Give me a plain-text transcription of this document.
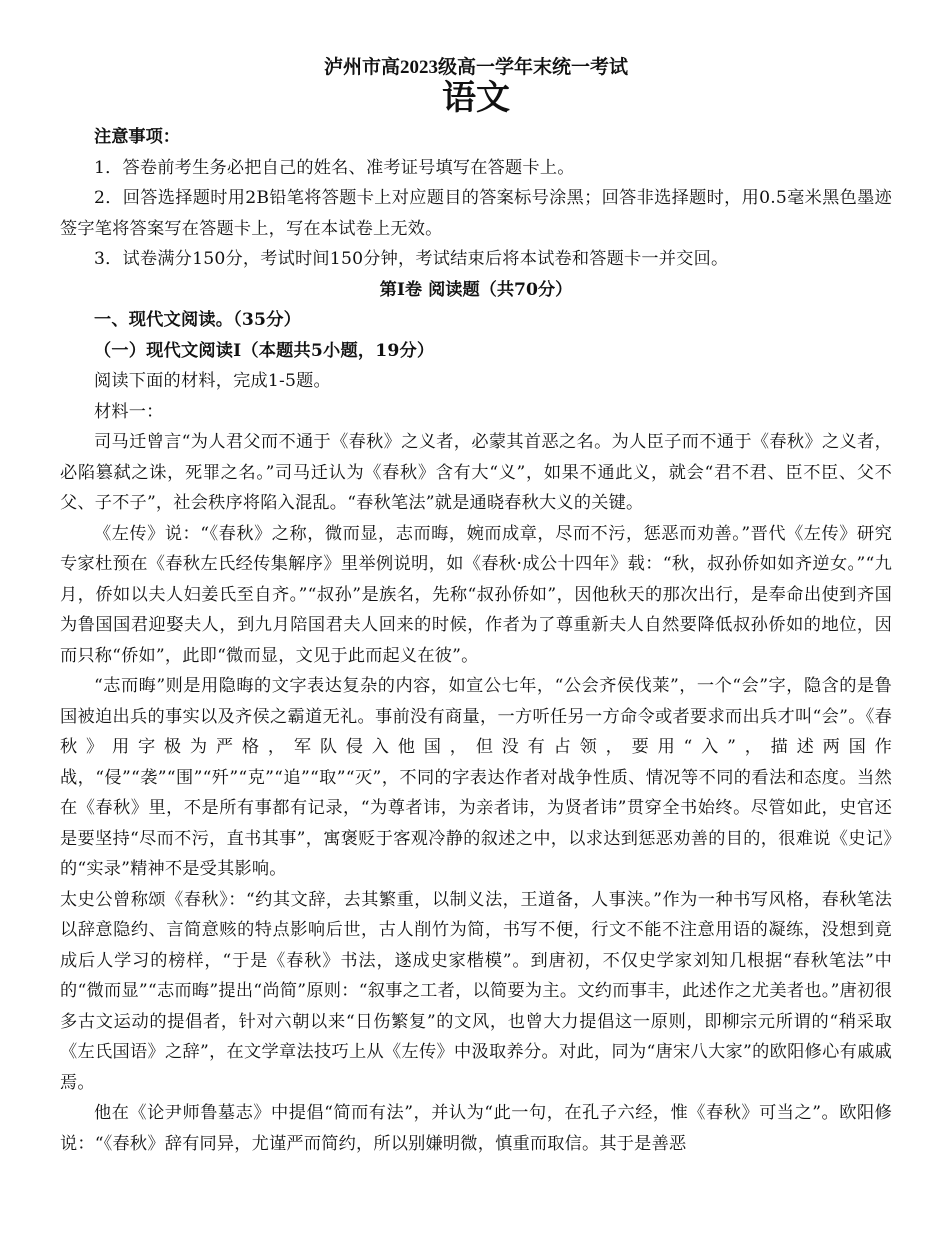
泸州市高2023级高一学年末统一考试
语文

注意事项：

1．答卷前考生务必把自己的姓名、准考证号填写在答题卡上。

2．回答选择题时用2B铅笔将答题卡上对应题目的答案标号涂黑；回答非选择题时，用0.5毫米黑色墨迹签字笔将答案写在答题卡上，写在本试卷上无效。

3．试卷满分150分，考试时间150分钟，考试结束后将本试卷和答题卡一并交回。

第Ⅰ卷 阅读题（共70分）

一、现代文阅读。（35分）

（一）现代文阅读Ⅰ（本题共5小题，19分）

阅读下面的材料，完成1-5题。

材料一：

司马迁曾言“为人君父而不通于《春秋》之义者，必蒙其首恶之名。为人臣子而不通于《春秋》之义者，必陷篡弑之诛，死罪之名。”司马迁认为《春秋》含有大“义”，如果不通此义，就会“君不君、臣不臣、父不父、子不子”，社会秩序将陷入混乱。“春秋笔法”就是通晓春秋大义的关键。

《左传》说：“《春秋》之称，微而显，志而晦，婉而成章，尽而不污，惩恶而劝善。”晋代《左传》研究专家杜预在《春秋左氏经传集解序》里举例说明，如《春秋·成公十四年》载：“秋，叔孙侨如如齐逆女。”“九月，侨如以夫人妇姜氏至自齐。”“叔孙”是族名，先称“叔孙侨如”，因他秋天的那次出行，是奉命出使到齐国为鲁国国君迎娶夫人，到九月陪国君夫人回来的时候，作者为了尊重新夫人自然要降低叔孙侨如的地位，因而只称“侨如”，此即“微而显，文见于此而起义在彼”。

“志而晦”则是用隐晦的文字表达复杂的内容，如宣公七年，“公会齐侯伐莱”，一个“会”字，隐含的是鲁国被迫出兵的事实以及齐侯之霸道无礼。事前没有商量，一方听任另一方命令或者要求而出兵才叫“会”。《春秋》用字极为严格，军队侵入他国，但没有占领，要用“入”，描述两国作战，“侵”“袭”“围”“歼”“克”“追”“取”“灭”，不同的字表达作者对战争性质、情况等不同的看法和态度。当然在《春秋》里，不是所有事都有记录，“为尊者讳，为亲者讳，为贤者讳”贯穿全书始终。尽管如此，史官还是要坚持“尽而不污，直书其事”，寓褒贬于客观冷静的叙述之中，以求达到惩恶劝善的目的，很难说《史记》的“实录”精神不是受其影响。

太史公曾称颂《春秋》：“约其文辞，去其繁重，以制义法，王道备，人事浃。”作为一种书写风格，春秋笔法以辞意隐约、言简意赅的特点影响后世，古人削竹为简，书写不便，行文不能不注意用语的凝练，没想到竟成后人学习的榜样，“于是《春秋》书法，遂成史家楷模”。到唐初，不仅史学家刘知几根据“春秋笔法”中的“微而显”“志而晦”提出“尚简”原则：“叙事之工者，以简要为主。文约而事丰，此述作之尤美者也。”唐初很多古文运动的提倡者，针对六朝以来“日伤繁复”的文风，也曾大力提倡这一原则，即柳宗元所谓的“稍采取《左氏国语》之辞”，在文学章法技巧上从《左传》中汲取养分。对此，同为“唐宋八大家”的欧阳修心有戚戚焉。

他在《论尹师鲁墓志》中提倡“简而有法”，并认为“此一句，在孔子六经，惟《春秋》可当之”。欧阳修说：“《春秋》辞有同异，尤谨严而简约，所以别嫌明微，慎重而取信。其于是善恶
